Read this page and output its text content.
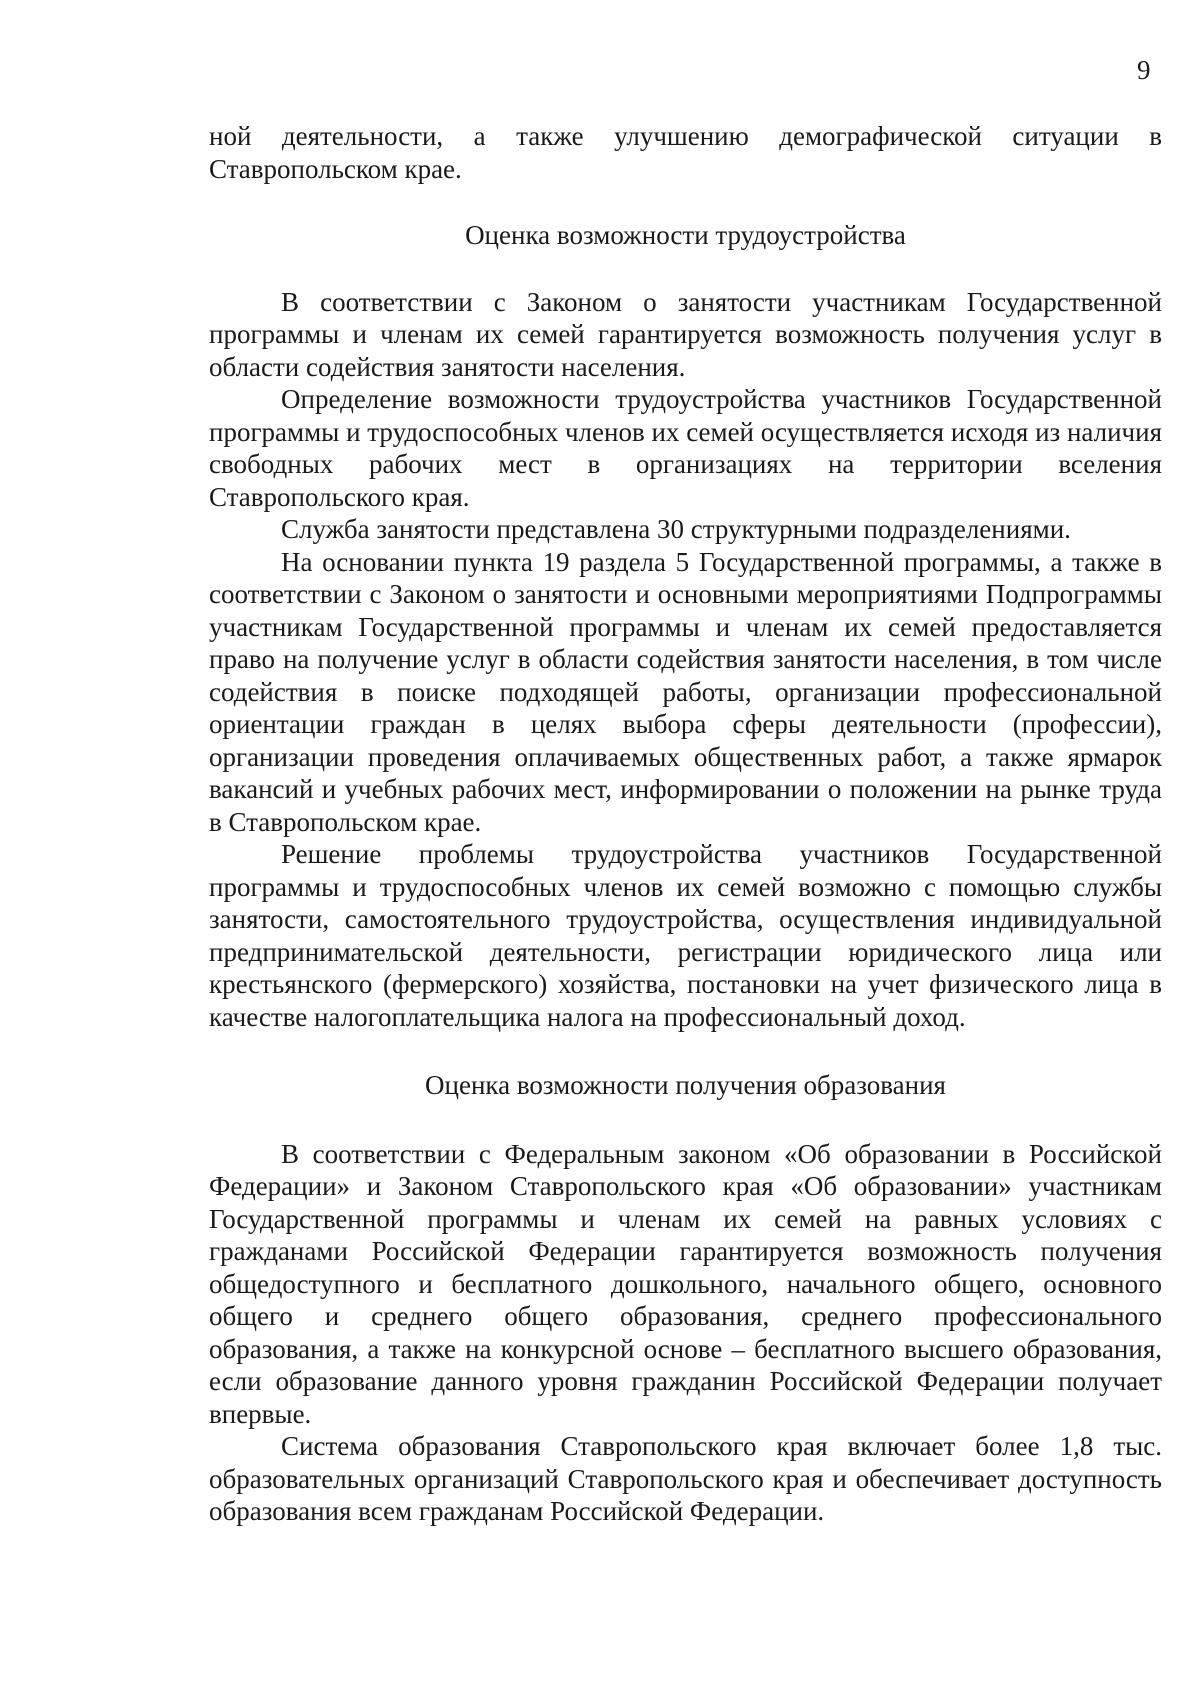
9

ной деятельности, а также улучшению демографической ситуации в Ставропольском крае.

Оценка возможности трудоустройства

В соответствии с Законом о занятости участникам Государственной программы и членам их семей гарантируется возможность получения услуг в области содействия занятости населения.

Определение возможности трудоустройства участников Государственной программы и трудоспособных членов их семей осуществляется исходя из наличия свободных рабочих мест в организациях на территории вселения Ставропольского края.

Служба занятости представлена 30 структурными подразделениями.

На основании пункта 19 раздела 5 Государственной программы, а также в соответствии с Законом о занятости и основными мероприятиями Подпрограммы участникам Государственной программы и членам их семей предоставляется право на получение услуг в области содействия занятости населения, в том числе содействия в поиске подходящей работы, организации профессиональной ориентации граждан в целях выбора сферы деятельности (профессии), организации проведения оплачиваемых общественных работ, а также ярмарок вакансий и учебных рабочих мест, информировании о положении на рынке труда в Ставропольском крае.

Решение проблемы трудоустройства участников Государственной программы и трудоспособных членов их семей возможно с помощью службы занятости, самостоятельного трудоустройства, осуществления индивидуальной предпринимательской деятельности, регистрации юридического лица или крестьянского (фермерского) хозяйства, постановки на учет физического лица в качестве налогоплательщика налога на профессиональный доход.

Оценка возможности получения образования

В соответствии с Федеральным законом «Об образовании в Российской Федерации» и Законом Ставропольского края «Об образовании» участникам Государственной программы и членам их семей на равных условиях с гражданами Российской Федерации гарантируется возможность получения общедоступного и бесплатного дошкольного, начального общего, основного общего и среднего общего образования, среднего профессионального образования, а также на конкурсной основе – бесплатного высшего образования, если образование данного уровня гражданин Российской Федерации получает впервые.

Система образования Ставропольского края включает более 1,8 тыс. образовательных организаций Ставропольского края и обеспечивает доступность образования всем гражданам Российской Федерации.
